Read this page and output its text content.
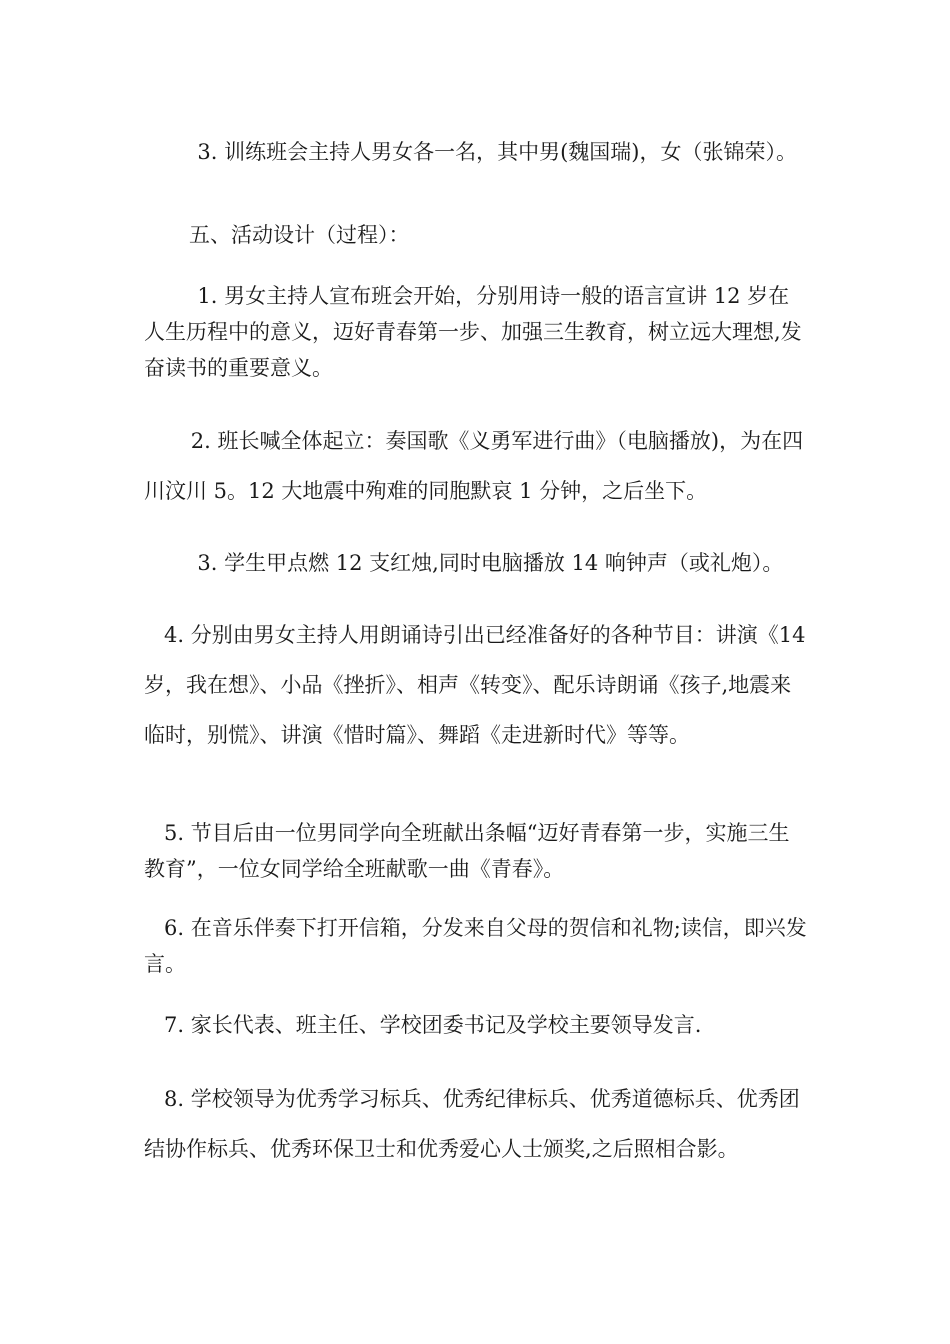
3. 训练班会主持人男女各一名，其中男(魏国瑞)，女（张锦荣）。

五、活动设计（过程）：

1. 男女主持人宣布班会开始，分别用诗一般的语言宣讲 12 岁在人生历程中的意义，迈好青春第一步、加强三生教育，树立远大理想,发奋读书的重要意义。

2. 班长喊全体起立：奏国歌《义勇军进行曲》（电脑播放)，为在四川汶川 5。12 大地震中殉难的同胞默哀 1 分钟，之后坐下。

3. 学生甲点燃 12 支红烛,同时电脑播放 14 响钟声（或礼炮）。

4. 分别由男女主持人用朗诵诗引出已经准备好的各种节目：讲演《14 岁，我在想》、小品《挫折》、相声《转变》、配乐诗朗诵《孩子,地震来临时，别慌》、讲演《惜时篇》、舞蹈《走进新时代》等等。

5. 节目后由一位男同学向全班献出条幅“迈好青春第一步，实施三生教育”，一位女同学给全班献歌一曲《青春》。

6. 在音乐伴奏下打开信箱，分发来自父母的贺信和礼物;读信，即兴发言。

7. 家长代表、班主任、学校团委书记及学校主要领导发言.

8. 学校领导为优秀学习标兵、优秀纪律标兵、优秀道德标兵、优秀团结协作标兵、优秀环保卫士和优秀爱心人士颁奖,之后照相合影。
